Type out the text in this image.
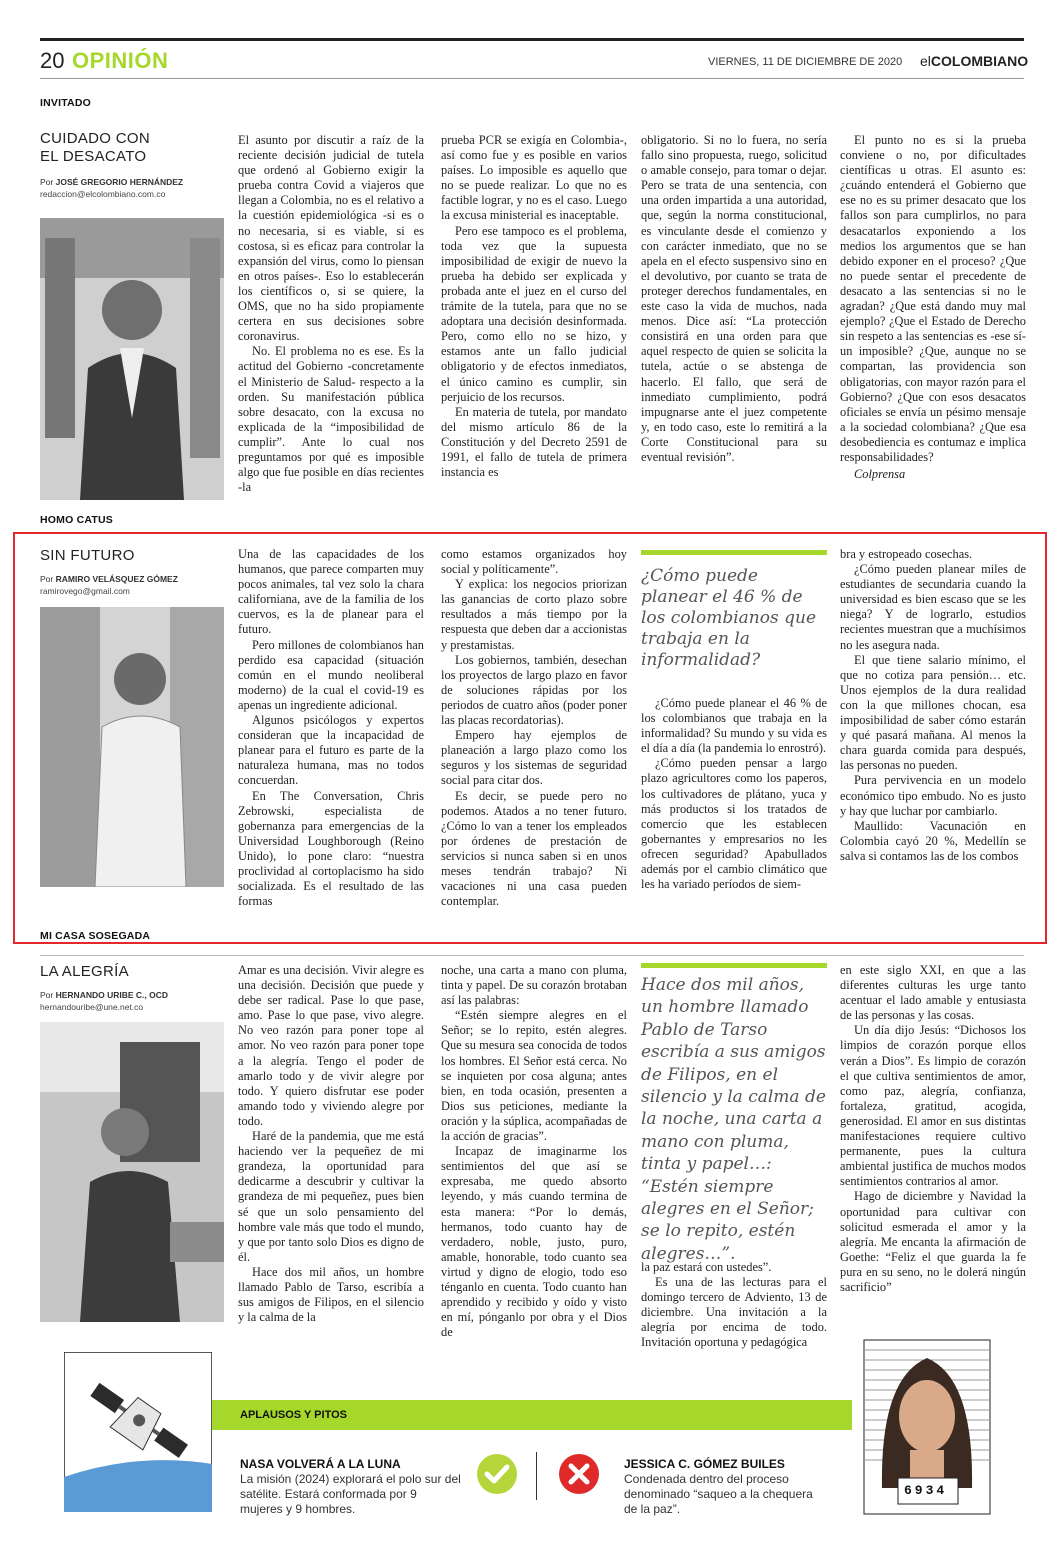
20 OPINIÓN	VIERNES, 11 DE DICIEMBRE DE 2020 elCOLOMBIANO
INVITADO
CUIDADO CON
EL DESACATO
Por JOSÉ GREGORIO HERNÁNDEZ
redaccion@elcolombiano.com.co

El asunto por discutir a raíz de la reciente decisión judicial de tutela que ordenó al Gobierno exigir la prueba contra Covid a viajeros que llegan a Colombia, no es el relativo a la cuestión epidemiológica -si es o no necesaria, si es viable, si es costosa, si es eficaz para controlar la expansión del virus, como lo piensan en otros países-. Eso lo establecerán los científicos o, si se quiere, la OMS, que no ha sido propiamente certera en sus decisiones sobre coronavirus.

No. El problema no es ese. Es la actitud del Gobierno -concretamente el Ministerio de Salud- respecto a la orden. Su manifestación pública sobre desacato, con la excusa no explicada de la “imposibilidad de cumplir”. Ante lo cual nos preguntamos por qué es imposible algo que fue posible en días recientes -la

prueba PCR se exigía en Colombia-, así como fue y es posible en varios países. Lo imposible es aquello que no se puede realizar. Lo que no es factible lograr, y no es el caso. Luego la excusa ministerial es inaceptable.

Pero ese tampoco es el problema, toda vez que la supuesta imposibilidad de exigir de nuevo la prueba ha debido ser explicada y probada ante el juez en el curso del trámite de la tutela, para que no se adoptara una decisión desinformada. Pero, como ello no se hizo, y estamos ante un fallo judicial obligatorio y de efectos inmediatos, el único camino es cumplir, sin perjuicio de los recursos.

En materia de tutela, por mandato del mismo artículo 86 de la Constitución y del Decreto 2591 de 1991, el fallo de tutela de primera instancia es

obligatorio. Si no lo fuera, no sería fallo sino propuesta, ruego, solicitud o amable consejo, para tomar o dejar. Pero se trata de una sentencia, con una orden impartida a una autoridad, que, según la norma constitucional, es vinculante desde el comienzo y con carácter inmediato, que no se apela en el efecto suspensivo sino en el devolutivo, por cuanto se trata de proteger derechos fundamentales, en este caso la vida de muchos, nada menos. Dice así: “La protección consistirá en una orden para que aquel respecto de quien se solicita la tutela, actúe o se abstenga de hacerlo. El fallo, que será de inmediato cumplimiento, podrá impugnarse ante el juez competente y, en todo caso, este lo remitirá a la Corte Constitucional para su eventual revisión”.

El punto no es si la prueba conviene o no, por dificultades científicas u otras. El asunto es: ¿cuándo entenderá el Gobierno que ese no es su primer desacato que los fallos son para cumplirlos, no para desacatarlos exponiendo a los medios los argumentos que se han debido exponer en el proceso? ¿Que no puede sentar el precedente de desacato a las sentencias si no le agradan? ¿Que está dando muy mal ejemplo? ¿Que el Estado de Derecho sin respeto a las sentencias es -ese sí- un imposible? ¿Que, aunque no se compartan, las providencia son obligatorias, con mayor razón para el Gobierno? ¿Que con esos desacatos oficiales se envía un pésimo mensaje a la sociedad colombiana? ¿Que esa desobediencia es contumaz e implica responsabilidades?

Colprensa

HOMO CATUS
SIN FUTURO
Por RAMIRO VELÁSQUEZ GÓMEZ
ramirovego@gmail.com

Una de las capacidades de los humanos, que parece comparten muy pocos animales, tal vez solo la chara californiana, ave de la familia de los cuervos, es la de planear para el futuro.

Pero millones de colombianos han perdido esa capacidad (situación común en el mundo neoliberal moderno) de la cual el covid-19 es apenas un ingrediente adicional.

Algunos psicólogos y expertos consideran que la incapacidad de planear para el futuro es parte de la naturaleza humana, mas no todos concuerdan.

En The Conversation, Chris Zebrowski, especialista de gobernanza para emergencias de la Universidad Loughborough (Reino Unido), lo pone claro: “nuestra proclividad al cortoplacismo ha sido socializada. Es el resultado de las formas

como estamos organizados hoy social y políticamente”.

Y explica: los negocios priorizan las ganancias de corto plazo sobre resultados a más tiempo por la respuesta que deben dar a accionistas y prestamistas.

Los gobiernos, también, desechan los proyectos de largo plazo en favor de soluciones rápidas por los periodos de cuatro años (poder poner las placas recordatorias).

Empero hay ejemplos de planeación a largo plazo como los seguros y los sistemas de seguridad social para citar dos.

Es decir, se puede pero no podemos. Atados a no tener futuro. ¿Cómo lo van a tener los empleados por órdenes de prestación de servicios si nunca saben si en unos meses tendrán trabajo? Ni vacaciones ni una casa pueden contemplar.

¿Cómo puede planear el 46 % de los colombianos que trabaja en la informalidad?

¿Cómo puede planear el 46 % de los colombianos que trabaja en la informalidad? Su mundo y su vida es el día a día (la pandemia lo enrostró).

¿Cómo pueden pensar a largo plazo agricultores como los paperos, los cultivadores de plátano, yuca y más productos si los tratados de comercio que les establecen gobernantes y empresarios no les ofrecen seguridad? Apabullados además por el cambio climático que les ha variado períodos de siem-

bra y estropeado cosechas.

¿Cómo pueden planear miles de estudiantes de secundaria cuando la universidad es bien escaso que se les niega? Y de lograrlo, estudios recientes muestran que a muchísimos no les asegura nada.

El que tiene salario mínimo, el que no cotiza para pensión… etc. Unos ejemplos de la dura realidad con la que millones chocan, esa imposibilidad de saber cómo estarán y qué pasará mañana. Al menos la chara guarda comida para después, las personas no pueden.

Pura pervivencia en un modelo económico tipo embudo. No es justo y hay que luchar por cambiarlo.

Maullido: Vacunación en Colombia cayó 20 %, Medellín se salva si contamos las de los combos

MI CASA SOSEGADA
LA ALEGRÍA
Por HERNANDO URIBE C., OCD
hernandouribe@une.net.co

Amar es una decisión. Vivir alegre es una decisión. Decisión que puede y debe ser radical. Pase lo que pase, amo. Pase lo que pase, vivo alegre. No veo razón para poner tope al amor. No veo razón para poner tope a la alegría. Tengo el poder de amarlo todo y de vivir alegre por todo. Y quiero disfrutar ese poder amando todo y viviendo alegre por todo.

Haré de la pandemia, que me está haciendo ver la pequeñez de mi grandeza, la oportunidad para dedicarme a descubrir y cultivar la grandeza de mi pequeñez, pues bien sé que un solo pensamiento del hombre vale más que todo el mundo, y que por tanto solo Dios es digno de él.

Hace dos mil años, un hombre llamado Pablo de Tarso, escribía a sus amigos de Filipos, en el silencio y la calma de la

noche, una carta a mano con pluma, tinta y papel. De su corazón brotaban así las palabras:

“Estén siempre alegres en el Señor; se lo repito, estén alegres. Que su mesura sea conocida de todos los hombres. El Señor está cerca. No se inquieten por cosa alguna; antes bien, en toda ocasión, presenten a Dios sus peticiones, mediante la oración y la súplica, acompañadas de la acción de gracias”.

Incapaz de imaginarme los sentimientos del que así se expresaba, me quedo absorto leyendo, y más cuando termina de esta manera: “Por lo demás, hermanos, todo cuanto hay de verdadero, noble, justo, puro, amable, honorable, todo cuanto sea virtud y digno de elogio, todo eso ténganlo en cuenta. Todo cuanto han aprendido y recibido y oído y visto en mí, pónganlo por obra y el Dios de

Hace dos mil años, un hombre llamado Pablo de Tarso escribía a sus amigos de Filipos, en el silencio y la calma de la noche, una carta a mano con pluma, tinta y papel…: “Estén siempre alegres en el Señor; se lo repito, estén alegres…”.

la paz estará con ustedes”.

Es una de las lecturas para el domingo tercero de Adviento, 13 de diciembre. Una invitación a la alegría por encima de todo. Invitación oportuna y pedagógica

en este siglo XXI, en que a las diferentes culturas les urge tanto acentuar el lado amable y entusiasta de las personas y las cosas.

Un día dijo Jesús: “Dichosos los limpios de corazón porque ellos verán a Dios”. Es limpio de corazón el que cultiva sentimientos de amor, como paz, alegría, confianza, fortaleza, gratitud, acogida, generosidad. El amor en sus distintas manifestaciones requiere cultivo permanente, pues la cultura ambiental justifica de muchos modos sentimientos contrarios al amor.

Hago de diciembre y Navidad la oportunidad para cultivar con solicitud esmerada el amor y la alegría. Me encanta la afirmación de Goethe: “Feliz el que guarda la fe pura en su seno, no le dolerá ningún sacrificio”

APLAUSOS Y PITOS
NASA VOLVERÁ A LA LUNA
La misión (2024) explorará el polo sur del satélite. Estará conformada por 9 mujeres y 9 hombres.
JESSICA C. GÓMEZ BUILES
Condenada dentro del proceso denominado “saqueo a la chequera de la paz”.
6934
